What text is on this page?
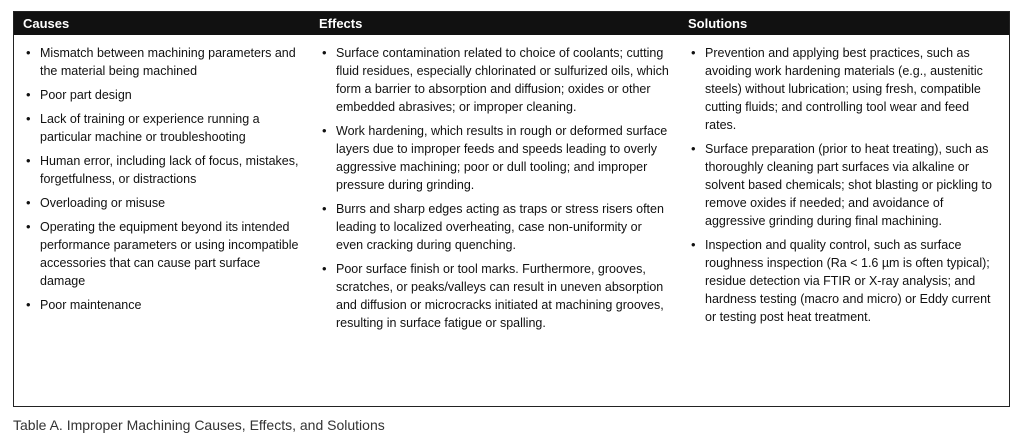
Causes	Effects	Solutions
• Mismatch between machining parameters and the material being machined
• Poor part design
• Lack of training or experience running a particular machine or troubleshooting
• Human error, including lack of focus, mistakes, forgetfulness, or distractions
• Overloading or misuse
• Operating the equipment beyond its intended performance parameters or using incompatible accessories that can cause part surface damage
• Poor maintenance
• Surface contamination related to choice of coolants; cutting fluid residues, especially chlorinated or sulfurized oils, which form a barrier to absorption and diffusion; oxides or other embedded abrasives; or improper cleaning.
• Work hardening, which results in rough or deformed surface layers due to improper feeds and speeds leading to overly aggressive machining; poor or dull tooling; and improper pressure during grinding.
• Burrs and sharp edges acting as traps or stress risers often leading to localized overheating, case non-uniformity or even cracking during quenching.
• Poor surface finish or tool marks. Furthermore, grooves, scratches, or peaks/valleys can result in uneven absorption and diffusion or microcracks initiated at machining grooves, resulting in surface fatigue or spalling.
• Prevention and applying best practices, such as avoiding work hardening materials (e.g., austenitic steels) without lubrication; using fresh, compatible cutting fluids; and controlling tool wear and feed rates.
• Surface preparation (prior to heat treating), such as thoroughly cleaning part surfaces via alkaline or solvent based chemicals; shot blasting or pickling to remove oxides if needed; and avoidance of aggressive grinding during final machining.
• Inspection and quality control, such as surface roughness inspection (Ra < 1.6 µm is often typical); residue detection via FTIR or X-ray analysis; and hardness testing (macro and micro) or Eddy current or testing post heat treatment.
Table A. Improper Machining Causes, Effects, and Solutions
